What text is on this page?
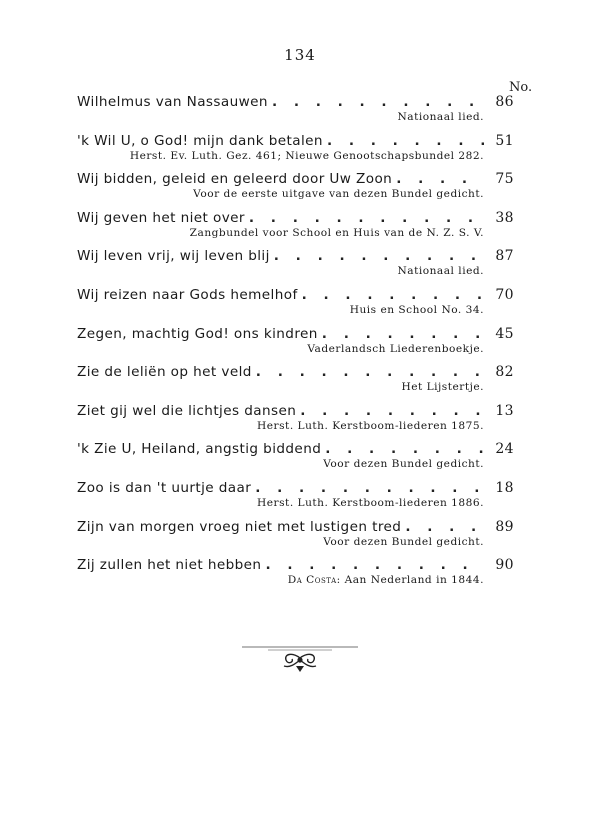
134
No.
Wilhelmus van Nassauwen . . .	86
Nationaal lied.
'k Wil U, o God! mijn dank betalen . . .	51
Herst. Ev. Luth. Gez. 461; Nieuwe Genootschapsbundel 282.
Wij bidden, geleid en geleerd door Uw Zoon . . .	75
Voor de eerste uitgave van dezen Bundel gedicht.
Wij geven het niet over . . .	38
Zangbundel voor School en Huis van de N. Z. S. V.
Wij leven vrij, wij leven blij . . .	87
Nationaal lied.
Wij reizen naar Gods hemelhof . . .	70
Huis en School No. 34.
Zegen, machtig God! ons kindren . . .	45
Vaderlandsch Liederenboekje.
Zie de leliën op het veld . . .	82
Het Lijstertje.
Ziet gij wel die lichtjes dansen . . .	13
Herst. Luth. Kerstboom-liederen 1875.
'k Zie U, Heiland, angstig biddend . . .	24
Voor dezen Bundel gedicht.
Zoo is dan 't uurtje daar . . .	18
Herst. Luth. Kerstboom-liederen 1886.
Zijn van morgen vroeg niet met lustigen tred . . .	89
Voor dezen Bundel gedicht.
Zij zullen het niet hebben . . .	90
Da Costa: Aan Nederland in 1844.
